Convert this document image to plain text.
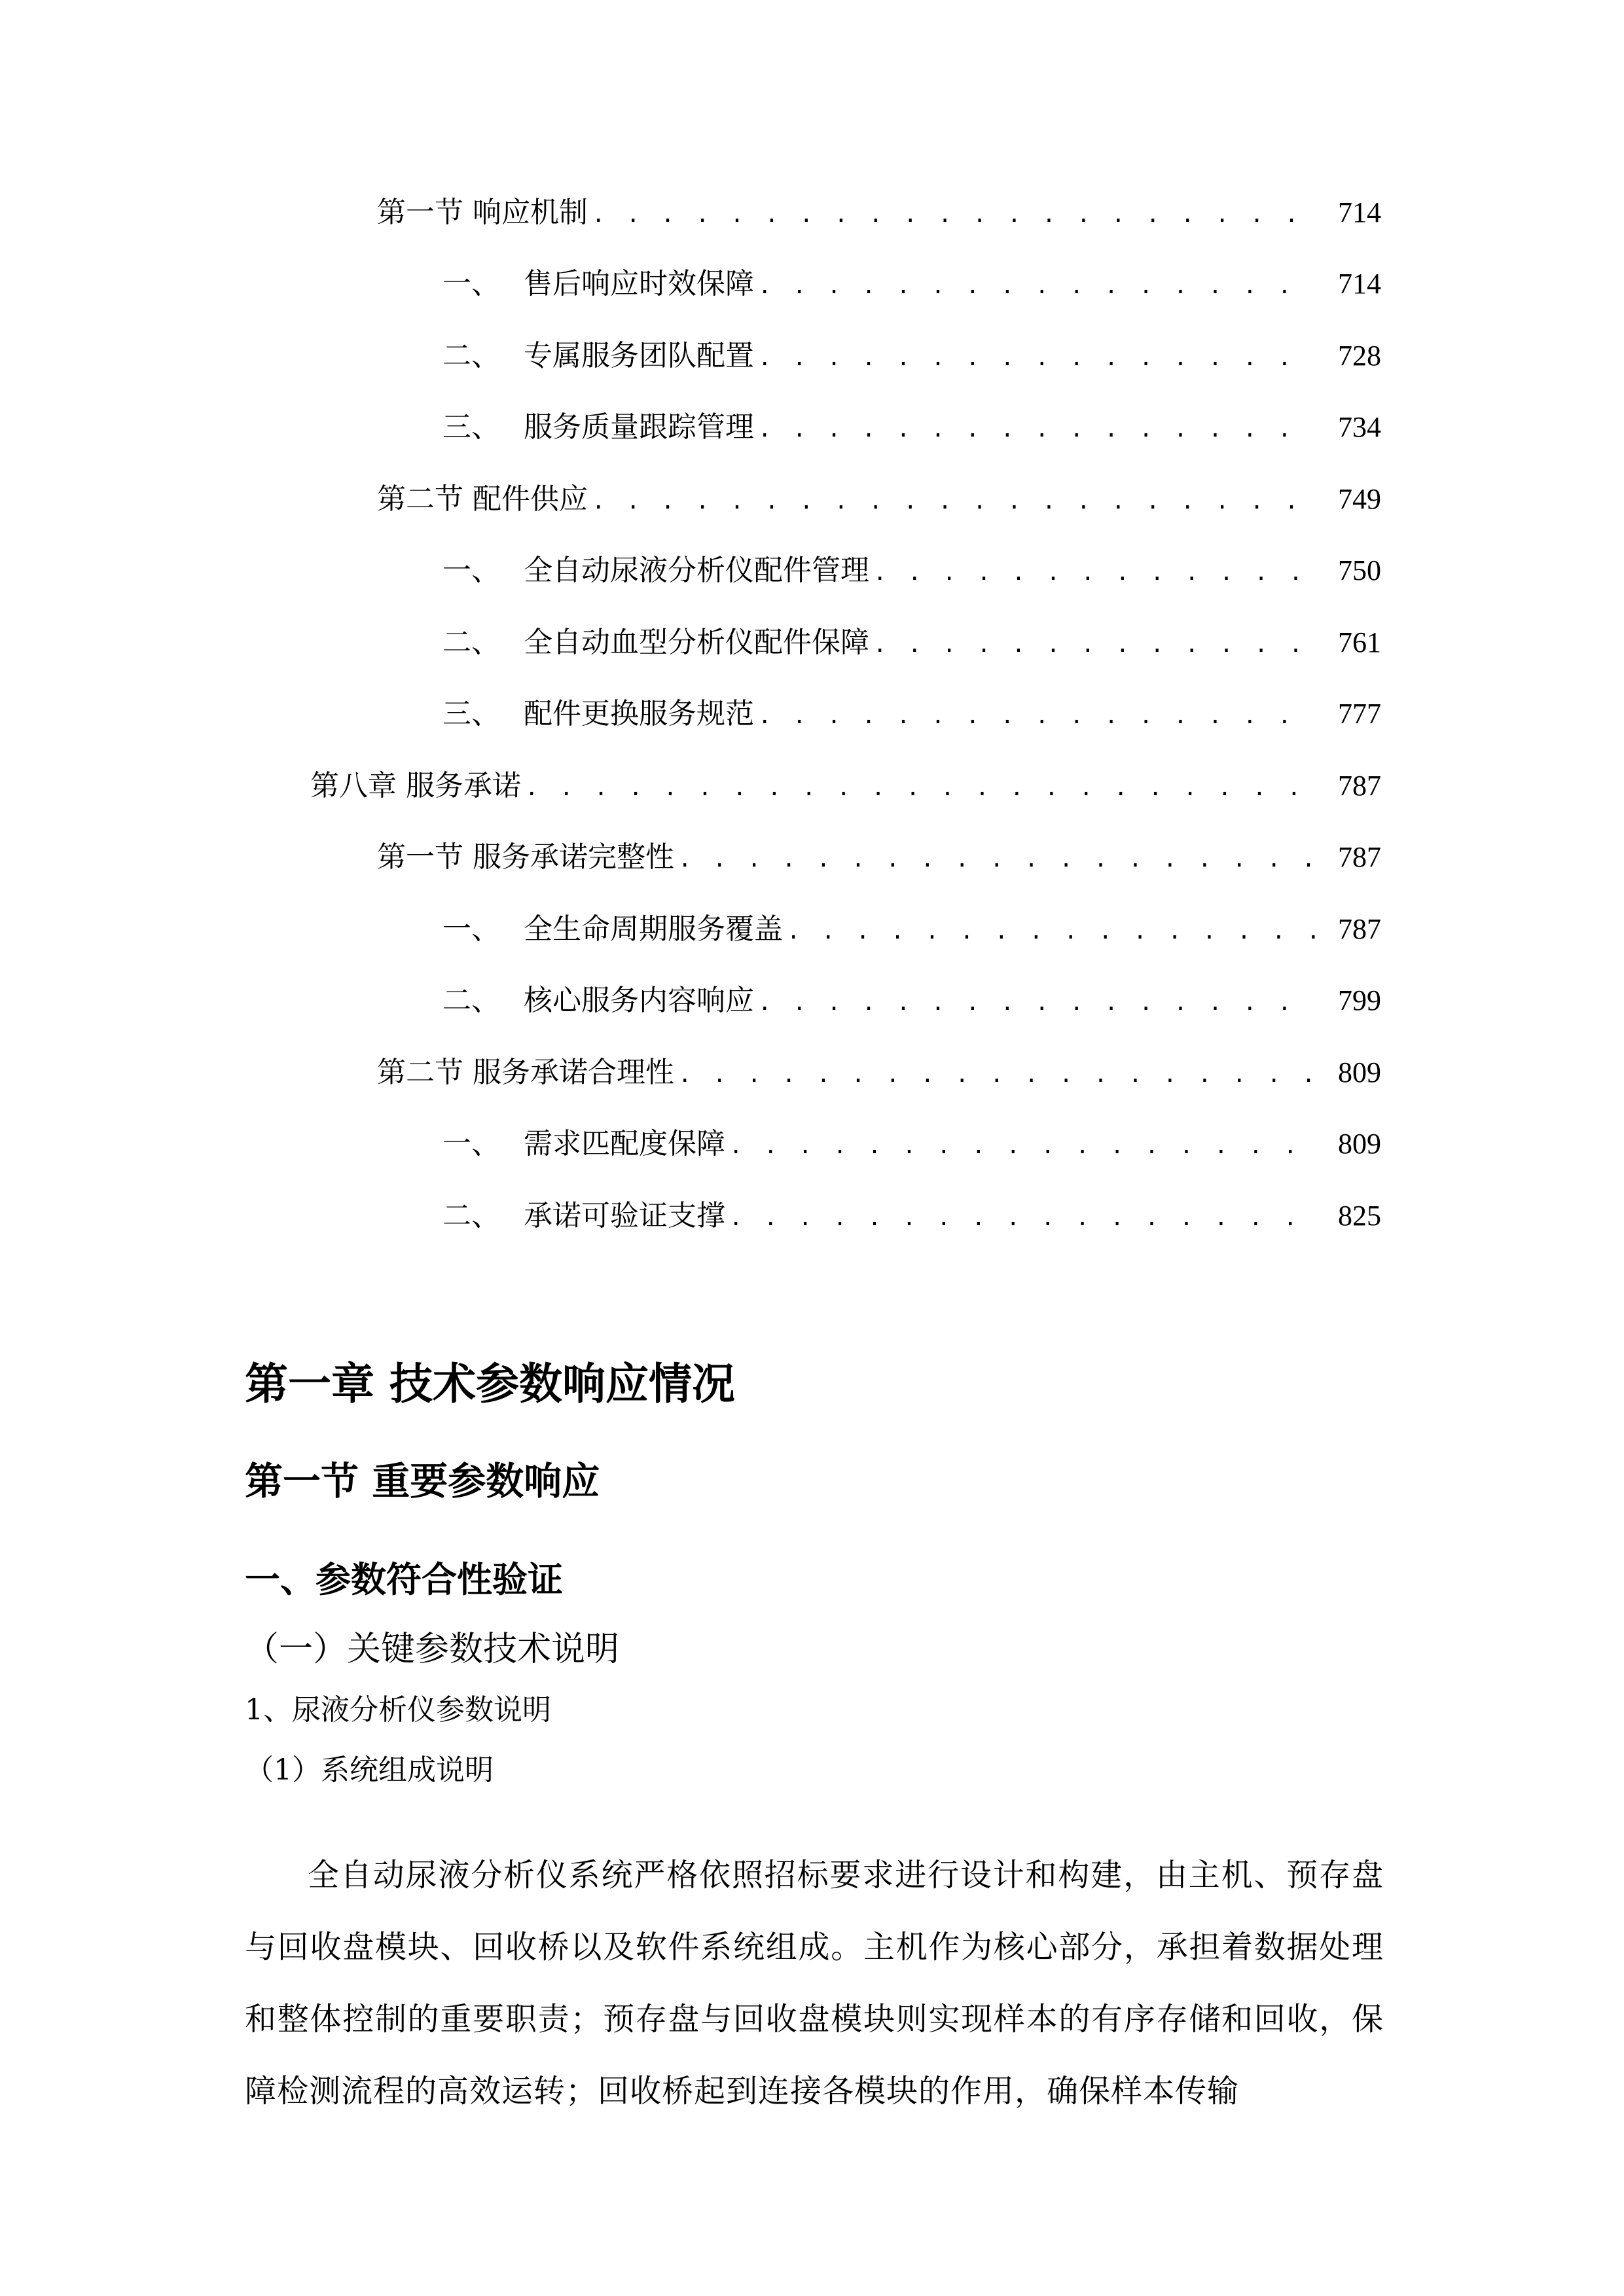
第一节 响应机制 . . .	714
一、 售后响应时效保障 . . .	714
二、 专属服务团队配置 . . .	728
三、 服务质量跟踪管理 . . .	734
第二节 配件供应 . . .	749
一、 全自动尿液分析仪配件管理 . . .	750
二、 全自动血型分析仪配件保障 . . .	761
三、 配件更换服务规范 . . .	777
第八章 服务承诺 . . .	787
第一节 服务承诺完整性 . . .	787
一、 全生命周期服务覆盖 . . .	787
二、 核心服务内容响应 . . .	799
第二节 服务承诺合理性 . . .	809
一、 需求匹配度保障 . . .	809
二、 承诺可验证支撑 . . .	825
第一章 技术参数响应情况
第一节 重要参数响应
一、参数符合性验证
（一）关键参数技术说明
1、尿液分析仪参数说明
（1）系统组成说明

全自动尿液分析仪系统严格依照招标要求进行设计和构建，由主机、预存盘与回收盘模块、回收桥以及软件系统组成。主机作为核心部分，承担着数据处理和整体控制的重要职责；预存盘与回收盘模块则实现样本的有序存储和回收，保障检测流程的高效运转；回收桥起到连接各模块的作用，确保样本传输
